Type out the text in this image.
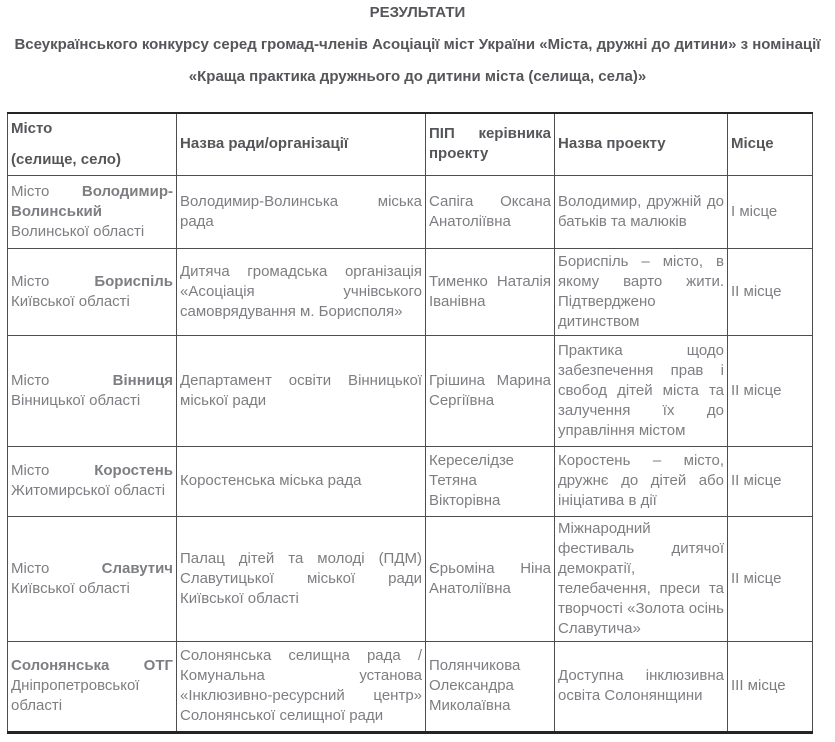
РЕЗУЛЬТАТИ

Всеукраїнського конкурсу серед громад-членів Асоціації міст України «Міста, дружні до дитини» з номінації

«Краща практика дружнього до дитини міста (селища, села)»

Місто
(селище, село)	Назва ради/організації	ПІП керівника проекту	Назва проекту	Місце
Місто Володимир-Волинський Волинської області	Володимир-Волинська міська рада	Сапіга Оксана Анатоліївна	Володимир, дружній до батьків та малюків	І місце
Місто Бориспіль Київської області	Дитяча громадська організація «Асоціація учнівського самоврядування м. Борисполя»	Тименко Наталія Іванівна	Бориспіль – місто, в якому варто жити. Підтверджено дитинством	ІІ місце
Місто Вінниця Вінницької області	Департамент освіти Вінницької міської ради	Грішина Марина Сергіївна	Практика щодо забезпечення прав і свобод дітей міста та залучення їх до управління містом	ІІ місце
Місто Коростень Житомирської області	Коростенська міська рада	Кереселідзе Тетяна Вікторівна	Коростень – місто, дружнє до дітей або ініціатива в дії	ІІ місце
Місто Славутич Київської області	Палац дітей та молоді (ПДМ) Славутицької міської ради Київської області	Єрьоміна Ніна Анатоліївна	Міжнародний фестиваль дитячої демократії, телебачення, преси та творчості «Золота осінь Славутича»	ІІ місце
Солонянська ОТГ Дніпропетровської області	Солонянська селищна рада / Комунальна установа «Інклюзивно-ресурсний центр» Солонянської селищної ради	Полянчикова Олександра Миколаївна	Доступна інклюзивна освіта Солонянщини	ІІІ місце
